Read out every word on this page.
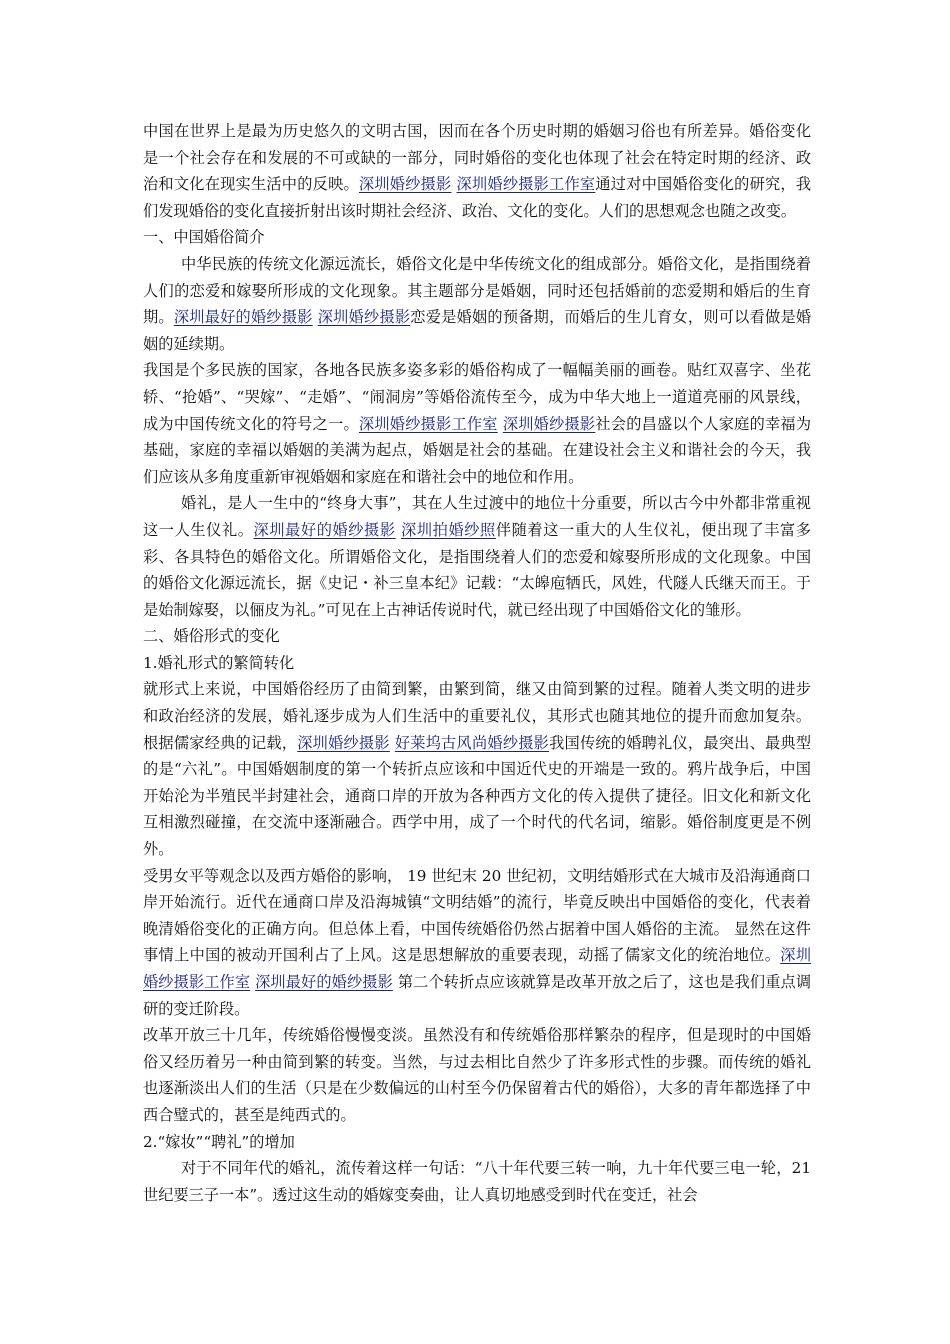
中国在世界上是最为历史悠久的文明古国，因而在各个历史时期的婚姻习俗也有所差异。婚俗变化是一个社会存在和发展的不可或缺的一部分，同时婚俗的变化也体现了社会在特定时期的经济、政治和文化在现实生活中的反映。深圳婚纱摄影 深圳婚纱摄影工作室通过对中国婚俗变化的研究，我们发现婚俗的变化直接折射出该时期社会经济、政治、文化的变化。人们的思想观念也随之改变。

一、中国婚俗简介

中华民族的传统文化源远流长，婚俗文化是中华传统文化的组成部分。婚俗文化，是指围绕着人们的恋爱和嫁娶所形成的文化现象。其主题部分是婚姻，同时还包括婚前的恋爱期和婚后的生育期。深圳最好的婚纱摄影 深圳婚纱摄影恋爱是婚姻的预备期，而婚后的生儿育女，则可以看做是婚姻的延续期。

我国是个多民族的国家，各地各民族多姿多彩的婚俗构成了一幅幅美丽的画卷。贴红双喜字、坐花轿、“抢婚”、“哭嫁”、“走婚”、“闹洞房”等婚俗流传至今，成为中华大地上一道道亮丽的风景线，成为中国传统文化的符号之一。深圳婚纱摄影工作室 深圳婚纱摄影社会的昌盛以个人家庭的幸福为基础，家庭的幸福以婚姻的美满为起点，婚姻是社会的基础。在建设社会主义和谐社会的今天，我们应该从多角度重新审视婚姻和家庭在和谐社会中的地位和作用。

婚礼，是人一生中的“终身大事”，其在人生过渡中的地位十分重要，所以古今中外都非常重视这一人生仪礼。深圳最好的婚纱摄影 深圳拍婚纱照伴随着这一重大的人生仪礼，便出现了丰富多彩、各具特色的婚俗文化。所谓婚俗文化，是指围绕着人们的恋爱和嫁娶所形成的文化现象。中国的婚俗文化源远流长，据《史记・补三皇本纪》记载：“太皞庖牺氏，风姓，代隧人氏继天而王。于是始制嫁娶，以俪皮为礼。”可见在上古神话传说时代，就已经出现了中国婚俗文化的雏形。

二、婚俗形式的变化

1.婚礼形式的繁简转化

就形式上来说，中国婚俗经历了由简到繁，由繁到简，继又由简到繁的过程。随着人类文明的进步和政治经济的发展，婚礼逐步成为人们生活中的重要礼仪，其形式也随其地位的提升而愈加复杂。根据儒家经典的记载，深圳婚纱摄影 好莱坞古风尚婚纱摄影我国传统的婚聘礼仪，最突出、最典型的是“六礼”。中国婚姻制度的第一个转折点应该和中国近代史的开端是一致的。鸦片战争后，中国开始沦为半殖民半封建社会，通商口岸的开放为各种西方文化的传入提供了捷径。旧文化和新文化互相激烈碰撞，在交流中逐渐融合。西学中用，成了一个时代的代名词，缩影。婚俗制度更是不例外。

受男女平等观念以及西方婚俗的影响， 19 世纪末 20 世纪初，文明结婚形式在大城市及沿海通商口岸开始流行。近代在通商口岸及沿海城镇“文明结婚”的流行，毕竟反映出中国婚俗的变化，代表着晚清婚俗变化的正确方向。但总体上看，中国传统婚俗仍然占据着中国人婚俗的主流。 显然在这件事情上中国的被动开国利占了上风。这是思想解放的重要表现，动摇了儒家文化的统治地位。深圳婚纱摄影工作室 深圳最好的婚纱摄影 第二个转折点应该就算是改革开放之后了，这也是我们重点调研的变迁阶段。

改革开放三十几年，传统婚俗慢慢变淡。虽然没有和传统婚俗那样繁杂的程序，但是现时的中国婚俗又经历着另一种由简到繁的转变。当然，与过去相比自然少了许多形式性的步骤。而传统的婚礼也逐渐淡出人们的生活（只是在少数偏远的山村至今仍保留着古代的婚俗），大多的青年都选择了中西合璧式的，甚至是纯西式的。

2.“嫁妆”“聘礼”的增加

对于不同年代的婚礼，流传着这样一句话：“八十年代要三转一响，九十年代要三电一轮，21 世纪要三子一本”。透过这生动的婚嫁变奏曲，让人真切地感受到时代在变迁，社会
